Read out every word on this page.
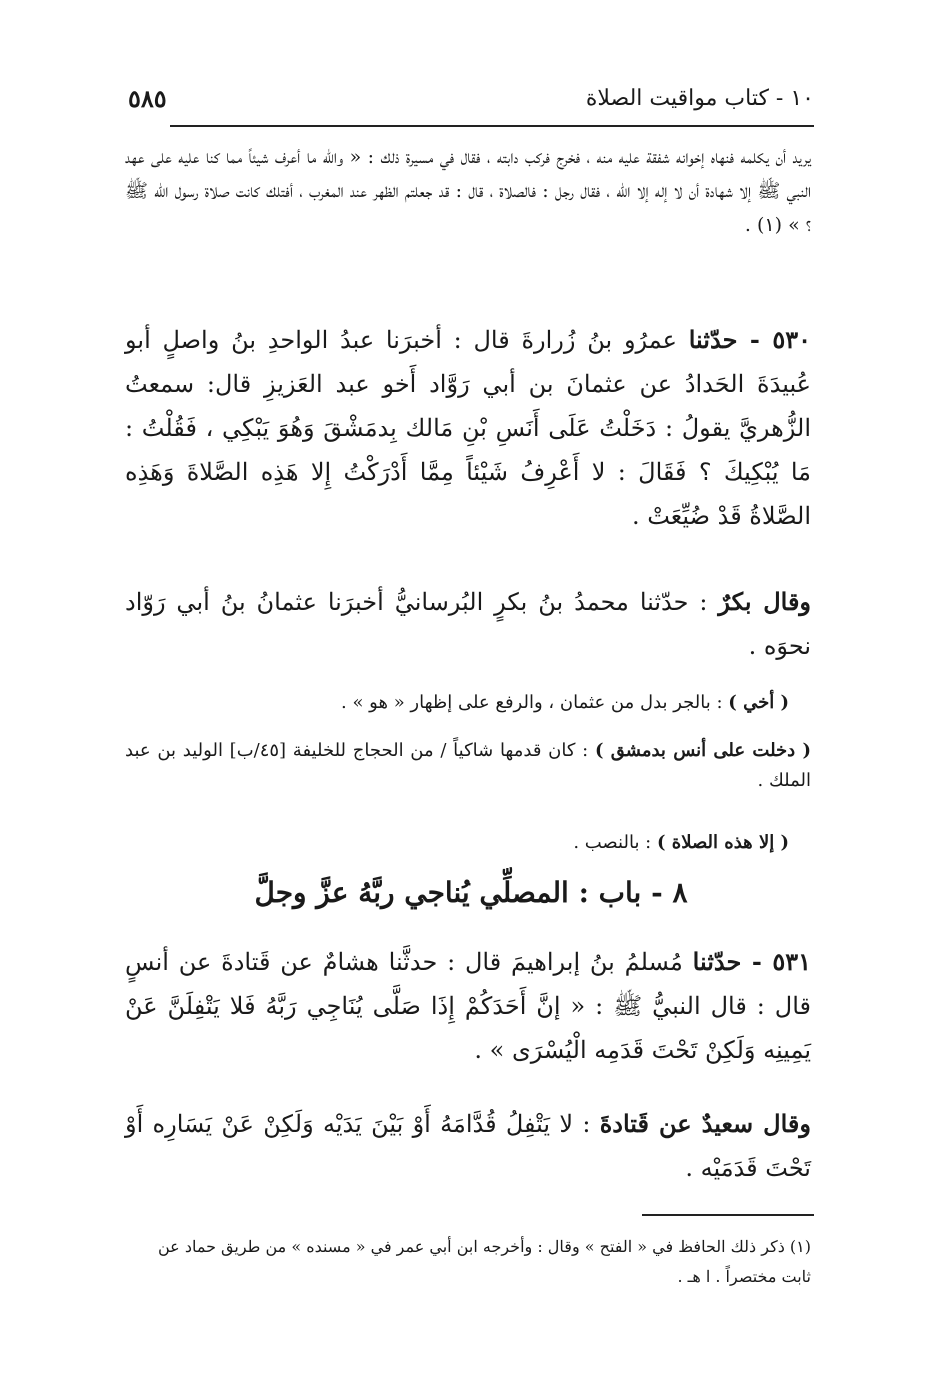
١٠ - كتاب مواقيت الصلاة
٥٨٥
يريد أن يكلمه فنهاه إخوانه شفقة عليه منه ، فخرج فركب دابته ، فقال في مسيرة ذلك : « والله ما أعرف شيئاً مما كنا عليه على عهد النبي ﷺ إلا شهادة أن لا إله إلا الله ، فقال رجل : فالصلاة ، قال : قد جعلتم الظهر عند المغرب ، أفتلك كانت صلاة رسول الله ﷺ ؟ » (١) .
٥٣٠ - حدّثنا عمرُو بنُ زُرارةَ قال : أخبرَنا عبدُ الواحدِ بنُ واصلٍ أبو عُبيدَةَ الحَدادُ عن عثمانَ بن أبي رَوَّاد أَخو عبد العَزيزِ قال: سمعتُ الزُّهريَّ يقولُ : دَخَلْتُ عَلَى أَنَسِ بْنِ مَالك بِدمَشْقَ وَهُوَ يَبْكِي ، فَقُلْتُ : مَا يُبْكِيكَ ؟ فَقَالَ : لا أَعْرِفُ شَيْئاً مِمَّا أَدْرَكْتُ إِلا هَذِه الصَّلاةَ وَهَذِه الصَّلاةُ قَدْ ضُيِّعَتْ .
وقال بكرٌ : حدّثنا محمدُ بنُ بكرٍ البُرسانيُّ أخبرَنا عثمانُ بنُ أبي رَوّاد نحوَه .
( أخي ) : بالجر بدل من عثمان ، والرفع على إظهار « هو » .
( دخلت على أنس بدمشق ) : كان قدمها شاكياً / من الحجاج للخليفة [٤٥/ب] الوليد بن عبد الملك .
( إلا هذه الصلاة ) : بالنصب .
٨ - باب : المصلِّي يُناجي ربَّهُ عزَّ وجلَّ
٥٣١ - حدّثنا مُسلمُ بنُ إبراهيمَ قال : حدثَّنا هشامٌ عن قَتادةَ عن أنسٍ قال : قال النبيُّ ﷺ : « إنَّ أَحَدَكُمْ إِذَا صَلَّى يُنَاجِي رَبَّهُ فَلا يَتْفِلَنَّ عَنْ يَمِينِه وَلَكِنْ تَحْتَ قَدَمِه الْيُسْرَى » .
وقال سعيدٌ عن قَتادةَ : لا يَتْفِلُ قُدَّامَهُ أَوْ بَيْنَ يَدَيْه وَلَكِنْ عَنْ يَسَارِه أَوْ تَحْتَ قَدَمَيْه .
(١) ذكر ذلك الحافظ في « الفتح » وقال : وأخرجه ابن أبي عمر في « مسنده » من طريق حماد عن ثابت مختصراً . ا هـ .
